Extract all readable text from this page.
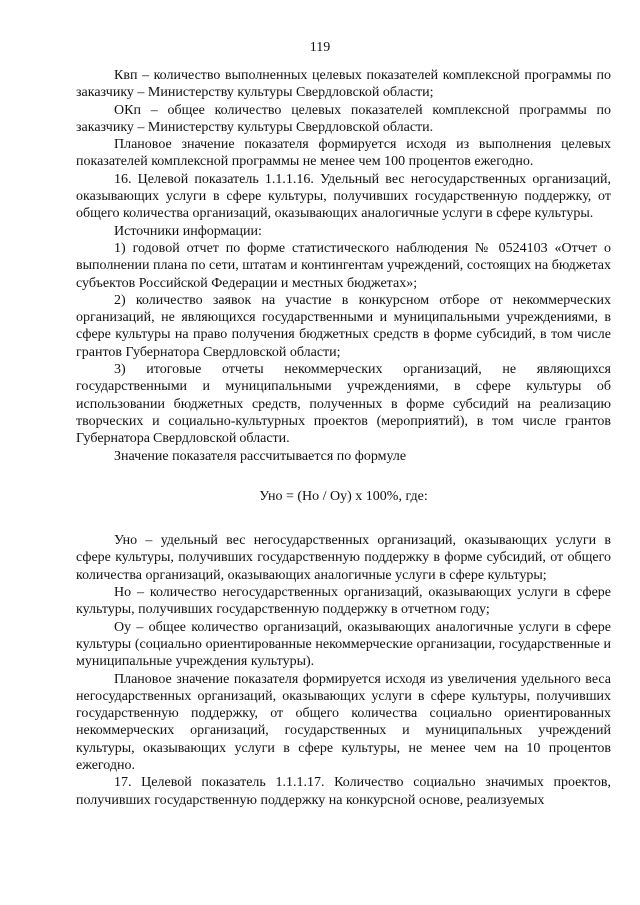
119

Квп – количество выполненных целевых показателей комплексной программы по заказчику – Министерству культуры Свердловской области;

ОКп – общее количество целевых показателей комплексной программы по заказчику – Министерству культуры Свердловской области.

Плановое значение показателя формируется исходя из выполнения целевых показателей комплексной программы не менее чем 100 процентов ежегодно.

16. Целевой показатель 1.1.1.16. Удельный вес негосударственных организаций, оказывающих услуги в сфере культуры, получивших государственную поддержку, от общего количества организаций, оказывающих аналогичные услуги в сфере культуры.

Источники информации:

1) годовой отчет по форме статистического наблюдения № 0524103 «Отчет о выполнении плана по сети, штатам и контингентам учреждений, состоящих на бюджетах субъектов Российской Федерации и местных бюджетах»;

2) количество заявок на участие в конкурсном отборе от некоммерческих организаций, не являющихся государственными и муниципальными учреждениями, в сфере культуры на право получения бюджетных средств в форме субсидий, в том числе грантов Губернатора Свердловской области;

3) итоговые отчеты некоммерческих организаций, не являющихся государственными и муниципальными учреждениями, в сфере культуры об использовании бюджетных средств, полученных в форме субсидий на реализацию творческих и социально-культурных проектов (мероприятий), в том числе грантов Губернатора Свердловской области.

Значение показателя рассчитывается по формуле

Уно = (Но / Оу) х 100%, где:

Уно – удельный вес негосударственных организаций, оказывающих услуги в сфере культуры, получивших государственную поддержку в форме субсидий, от общего количества организаций, оказывающих аналогичные услуги в сфере культуры;

Но – количество негосударственных организаций, оказывающих услуги в сфере культуры, получивших государственную поддержку в отчетном году;

Оу – общее количество организаций, оказывающих аналогичные услуги в сфере культуры (социально ориентированные некоммерческие организации, государственные и муниципальные учреждения культуры).

Плановое значение показателя формируется исходя из увеличения удельного веса негосударственных организаций, оказывающих услуги в сфере культуры, получивших государственную поддержку, от общего количества социально ориентированных некоммерческих организаций, государственных и муниципальных учреждений культуры, оказывающих услуги в сфере культуры, не менее чем на 10 процентов ежегодно.

17. Целевой показатель 1.1.1.17. Количество социально значимых проектов, получивших государственную поддержку на конкурсной основе, реализуемых
